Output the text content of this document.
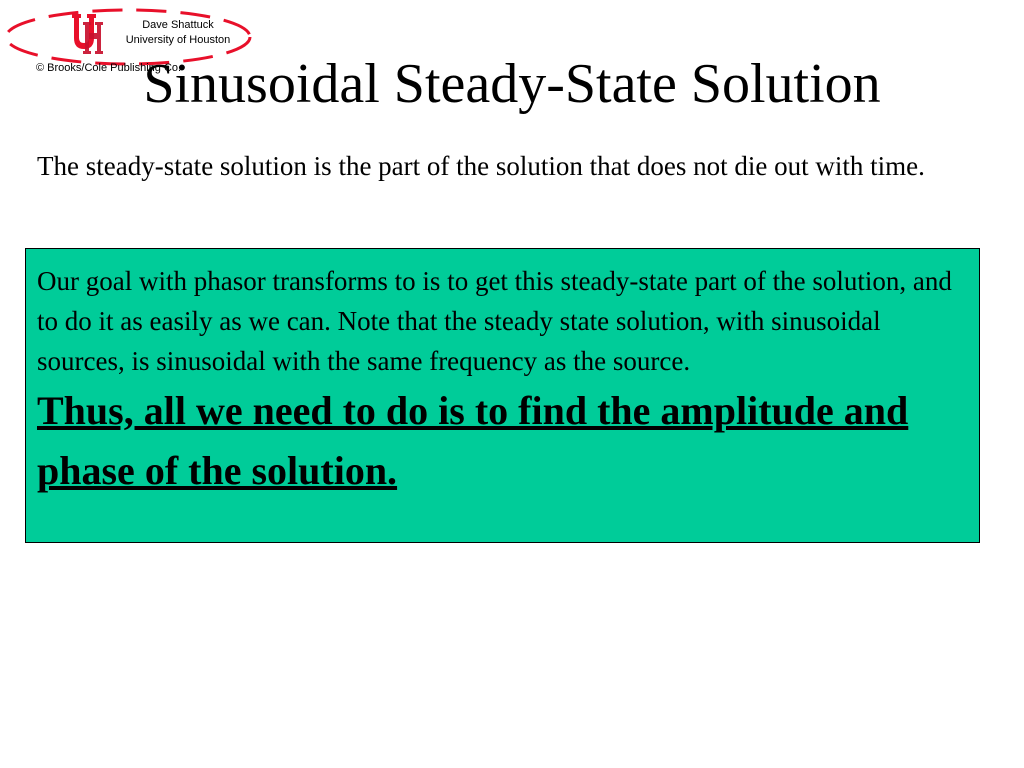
Dave Shattuck
University of Houston
© Brooks/Cole Publishing Co.
Sinusoidal Steady-State Solution

The steady-state solution is the part of the solution that does not die out with time.

Our goal with phasor transforms to is to get this steady-state part of the solution, and to do it as easily as we can. Note that the steady state solution, with sinusoidal sources, is sinusoidal with the same frequency as the source.

Thus, all we need to do is to find the amplitude and phase of the solution.
